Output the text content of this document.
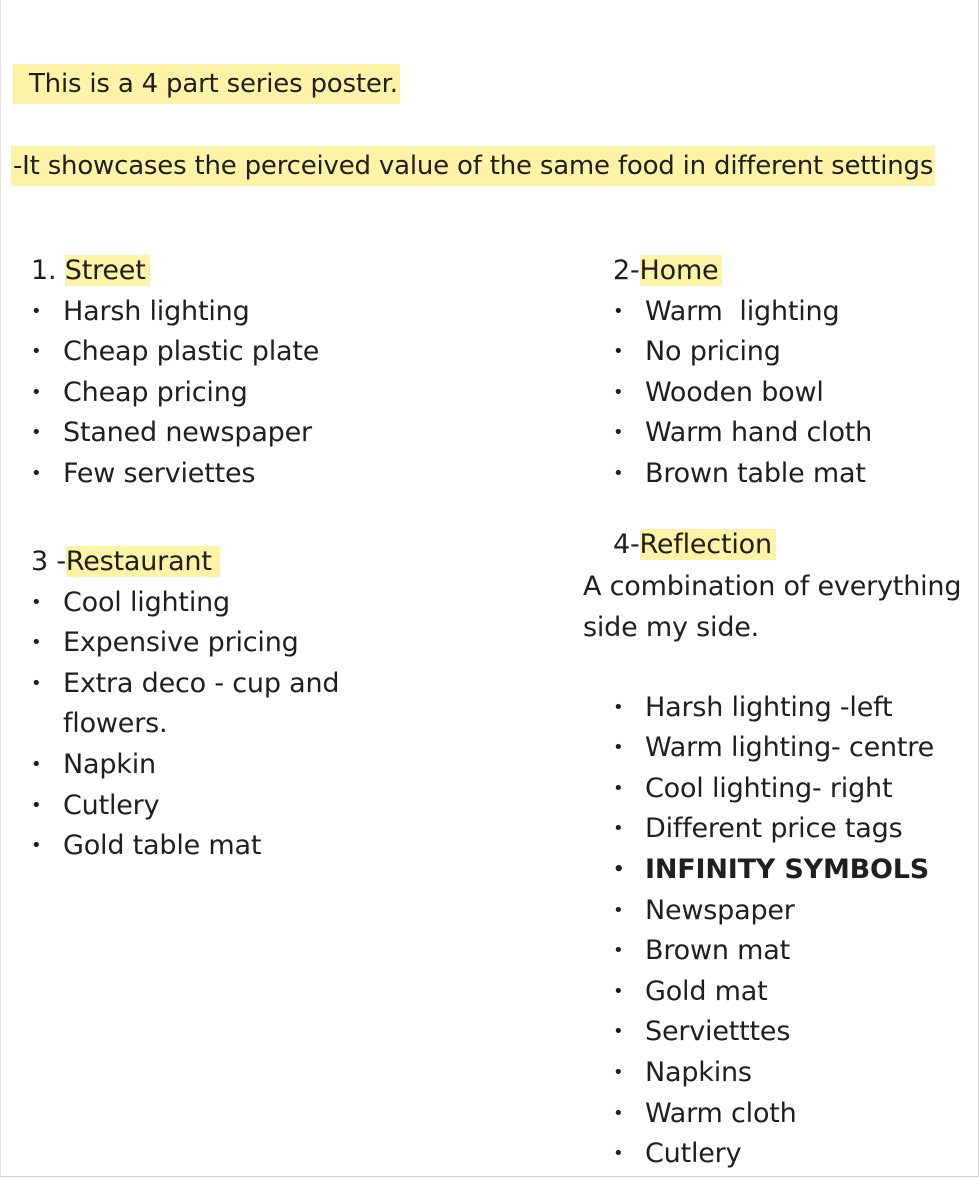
This is a 4 part series poster.
-It showcases the perceived value of the same food in different settings
1. Street
• Harsh lighting
• Cheap plastic plate
• Cheap pricing
• Staned newspaper
• Few serviettes
2-Home
• Warm  lighting
• No pricing
• Wooden bowl
• Warm hand cloth
• Brown table mat
3 -Restaurant
• Cool lighting
• Expensive pricing
• Extra deco - cup and flowers.
• Napkin
• Cutlery
• Gold table mat
4-Reflection

A combination of everything side my side.

• Harsh lighting -left
• Warm lighting- centre
• Cool lighting- right
• Different price tags
• INFINITY SYMBOLS
• Newspaper
• Brown mat
• Gold mat
• Servietttes
• Napkins
• Warm cloth
• Cutlery
